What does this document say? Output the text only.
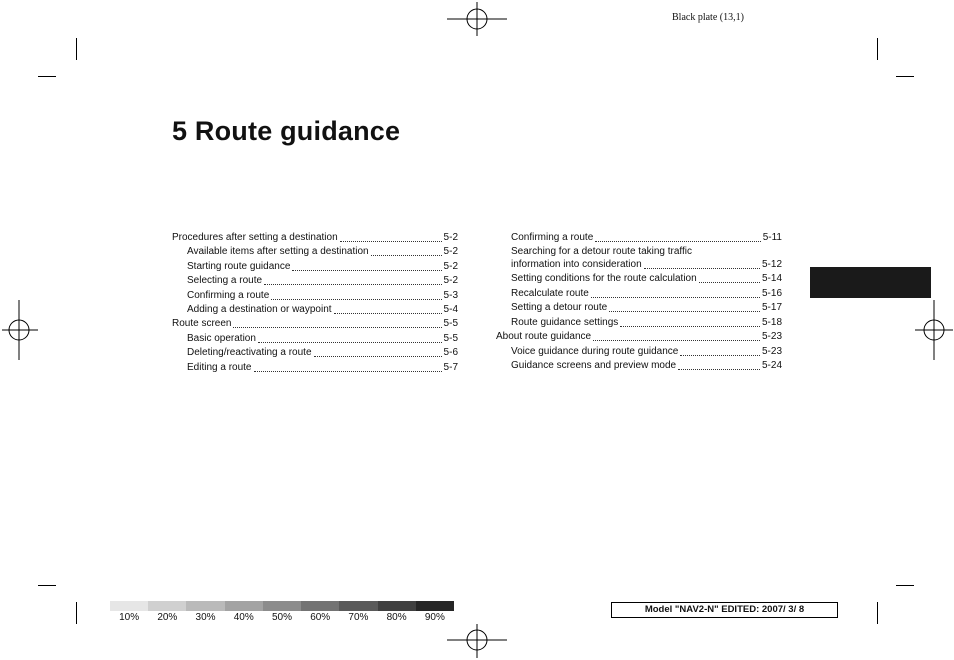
Black plate (13,1)
5 Route guidance
Procedures after setting a destination	5-2
Available items after setting a destination	5-2
Starting route guidance	5-2
Selecting a route	5-2
Confirming a route	5-3
Adding a destination or waypoint	5-4
Route screen	5-5
Basic operation	5-5
Deleting/reactivating a route	5-6
Editing a route	5-7
Confirming a route	5-11
Searching for a detour route taking traffic
information into consideration	5-12
Setting conditions for the route calculation	5-14
Recalculate route	5-16
Setting a detour route	5-17
Route guidance settings	5-18
About route guidance	5-23
Voice guidance during route guidance	5-23
Guidance screens and preview mode	5-24
10%	20%	30%	40%	50%	60%	70%	80%	90%
Model "NAV2-N" EDITED: 2007/ 3/ 8
